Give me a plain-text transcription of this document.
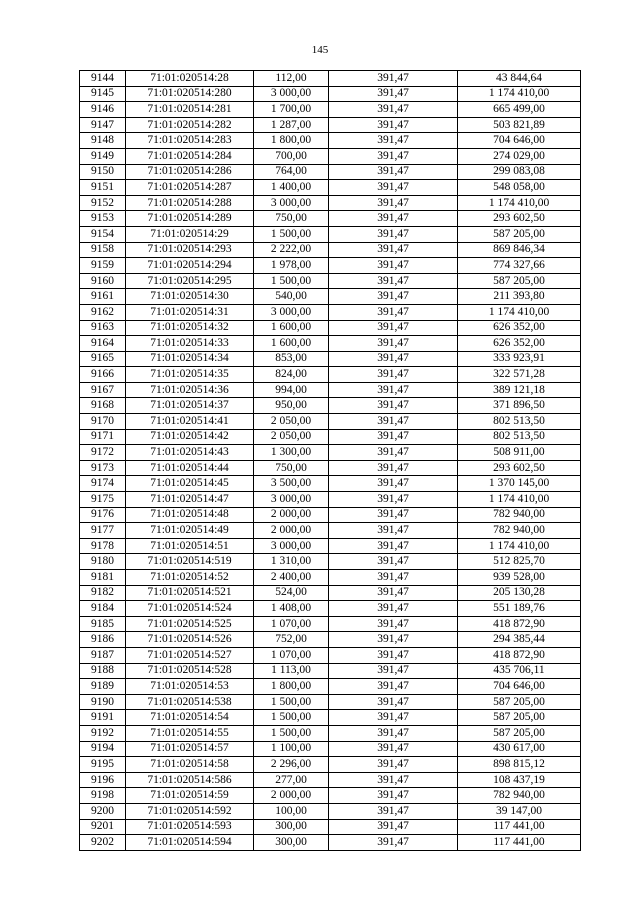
145
9144	71:01:020514:28	112,00	391,47	43 844,64
9145	71:01:020514:280	3 000,00	391,47	1 174 410,00
9146	71:01:020514:281	1 700,00	391,47	665 499,00
9147	71:01:020514:282	1 287,00	391,47	503 821,89
9148	71:01:020514:283	1 800,00	391,47	704 646,00
9149	71:01:020514:284	700,00	391,47	274 029,00
9150	71:01:020514:286	764,00	391,47	299 083,08
9151	71:01:020514:287	1 400,00	391,47	548 058,00
9152	71:01:020514:288	3 000,00	391,47	1 174 410,00
9153	71:01:020514:289	750,00	391,47	293 602,50
9154	71:01:020514:29	1 500,00	391,47	587 205,00
9158	71:01:020514:293	2 222,00	391,47	869 846,34
9159	71:01:020514:294	1 978,00	391,47	774 327,66
9160	71:01:020514:295	1 500,00	391,47	587 205,00
9161	71:01:020514:30	540,00	391,47	211 393,80
9162	71:01:020514:31	3 000,00	391,47	1 174 410,00
9163	71:01:020514:32	1 600,00	391,47	626 352,00
9164	71:01:020514:33	1 600,00	391,47	626 352,00
9165	71:01:020514:34	853,00	391,47	333 923,91
9166	71:01:020514:35	824,00	391,47	322 571,28
9167	71:01:020514:36	994,00	391,47	389 121,18
9168	71:01:020514:37	950,00	391,47	371 896,50
9170	71:01:020514:41	2 050,00	391,47	802 513,50
9171	71:01:020514:42	2 050,00	391,47	802 513,50
9172	71:01:020514:43	1 300,00	391,47	508 911,00
9173	71:01:020514:44	750,00	391,47	293 602,50
9174	71:01:020514:45	3 500,00	391,47	1 370 145,00
9175	71:01:020514:47	3 000,00	391,47	1 174 410,00
9176	71:01:020514:48	2 000,00	391,47	782 940,00
9177	71:01:020514:49	2 000,00	391,47	782 940,00
9178	71:01:020514:51	3 000,00	391,47	1 174 410,00
9180	71:01:020514:519	1 310,00	391,47	512 825,70
9181	71:01:020514:52	2 400,00	391,47	939 528,00
9182	71:01:020514:521	524,00	391,47	205 130,28
9184	71:01:020514:524	1 408,00	391,47	551 189,76
9185	71:01:020514:525	1 070,00	391,47	418 872,90
9186	71:01:020514:526	752,00	391,47	294 385,44
9187	71:01:020514:527	1 070,00	391,47	418 872,90
9188	71:01:020514:528	1 113,00	391,47	435 706,11
9189	71:01:020514:53	1 800,00	391,47	704 646,00
9190	71:01:020514:538	1 500,00	391,47	587 205,00
9191	71:01:020514:54	1 500,00	391,47	587 205,00
9192	71:01:020514:55	1 500,00	391,47	587 205,00
9194	71:01:020514:57	1 100,00	391,47	430 617,00
9195	71:01:020514:58	2 296,00	391,47	898 815,12
9196	71:01:020514:586	277,00	391,47	108 437,19
9198	71:01:020514:59	2 000,00	391,47	782 940,00
9200	71:01:020514:592	100,00	391,47	39 147,00
9201	71:01:020514:593	300,00	391,47	117 441,00
9202	71:01:020514:594	300,00	391,47	117 441,00
